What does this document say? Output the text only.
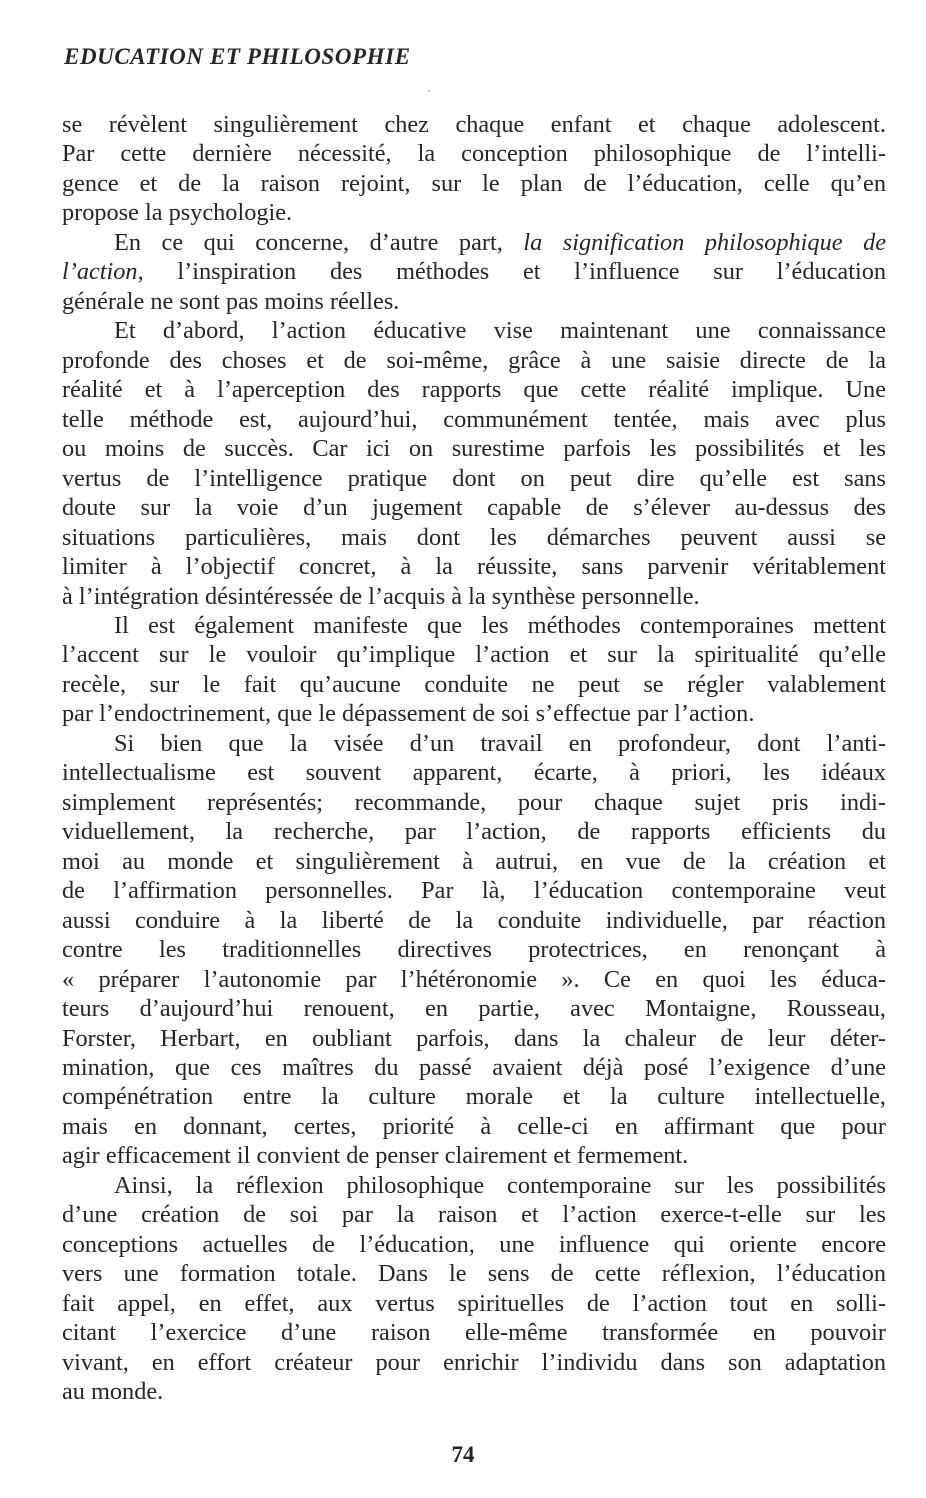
EDUCATION ET PHILOSOPHIE
se révèlent singulièrement chez chaque enfant et chaque adolescent.
Par cette dernière nécessité, la conception philosophique de l’intelli-
gence et de la raison rejoint, sur le plan de l’éducation, celle qu’en
propose la psychologie.
En ce qui concerne, d’autre part, la signification philosophique de
l’action, l’inspiration des méthodes et l’influence sur l’éducation
générale ne sont pas moins réelles.
Et d’abord, l’action éducative vise maintenant une connaissance
profonde des choses et de soi-même, grâce à une saisie directe de la
réalité et à l’aperception des rapports que cette réalité implique. Une
telle méthode est, aujourd’hui, communément tentée, mais avec plus
ou moins de succès. Car ici on surestime parfois les possibilités et les
vertus de l’intelligence pratique dont on peut dire qu’elle est sans
doute sur la voie d’un jugement capable de s’élever au-dessus des
situations particulières, mais dont les démarches peuvent aussi se
limiter à l’objectif concret, à la réussite, sans parvenir véritablement
à l’intégration désintéressée de l’acquis à la synthèse personnelle.
Il est également manifeste que les méthodes contemporaines mettent
l’accent sur le vouloir qu’implique l’action et sur la spiritualité qu’elle
recèle, sur le fait qu’aucune conduite ne peut se régler valablement
par l’endoctrinement, que le dépassement de soi s’effectue par l’action.
Si bien que la visée d’un travail en profondeur, dont l’anti-
intellectualisme est souvent apparent, écarte, à priori, les idéaux
simplement représentés; recommande, pour chaque sujet pris indi-
viduellement, la recherche, par l’action, de rapports efficients du
moi au monde et singulièrement à autrui, en vue de la création et
de l’affirmation personnelles. Par là, l’éducation contemporaine veut
aussi conduire à la liberté de la conduite individuelle, par réaction
contre les traditionnelles directives protectrices, en renonçant à
« préparer l’autonomie par l’hétéronomie ». Ce en quoi les éduca-
teurs d’aujourd’hui renouent, en partie, avec Montaigne, Rousseau,
Forster, Herbart, en oubliant parfois, dans la chaleur de leur déter-
mination, que ces maîtres du passé avaient déjà posé l’exigence d’une
compénétration entre la culture morale et la culture intellectuelle,
mais en donnant, certes, priorité à celle-ci en affirmant que pour
agir efficacement il convient de penser clairement et fermement.
Ainsi, la réflexion philosophique contemporaine sur les possibilités
d’une création de soi par la raison et l’action exerce-t-elle sur les
conceptions actuelles de l’éducation, une influence qui oriente encore
vers une formation totale. Dans le sens de cette réflexion, l’éducation
fait appel, en effet, aux vertus spirituelles de l’action tout en solli-
citant l’exercice d’une raison elle-même transformée en pouvoir
vivant, en effort créateur pour enrichir l’individu dans son adaptation
au monde.
74
